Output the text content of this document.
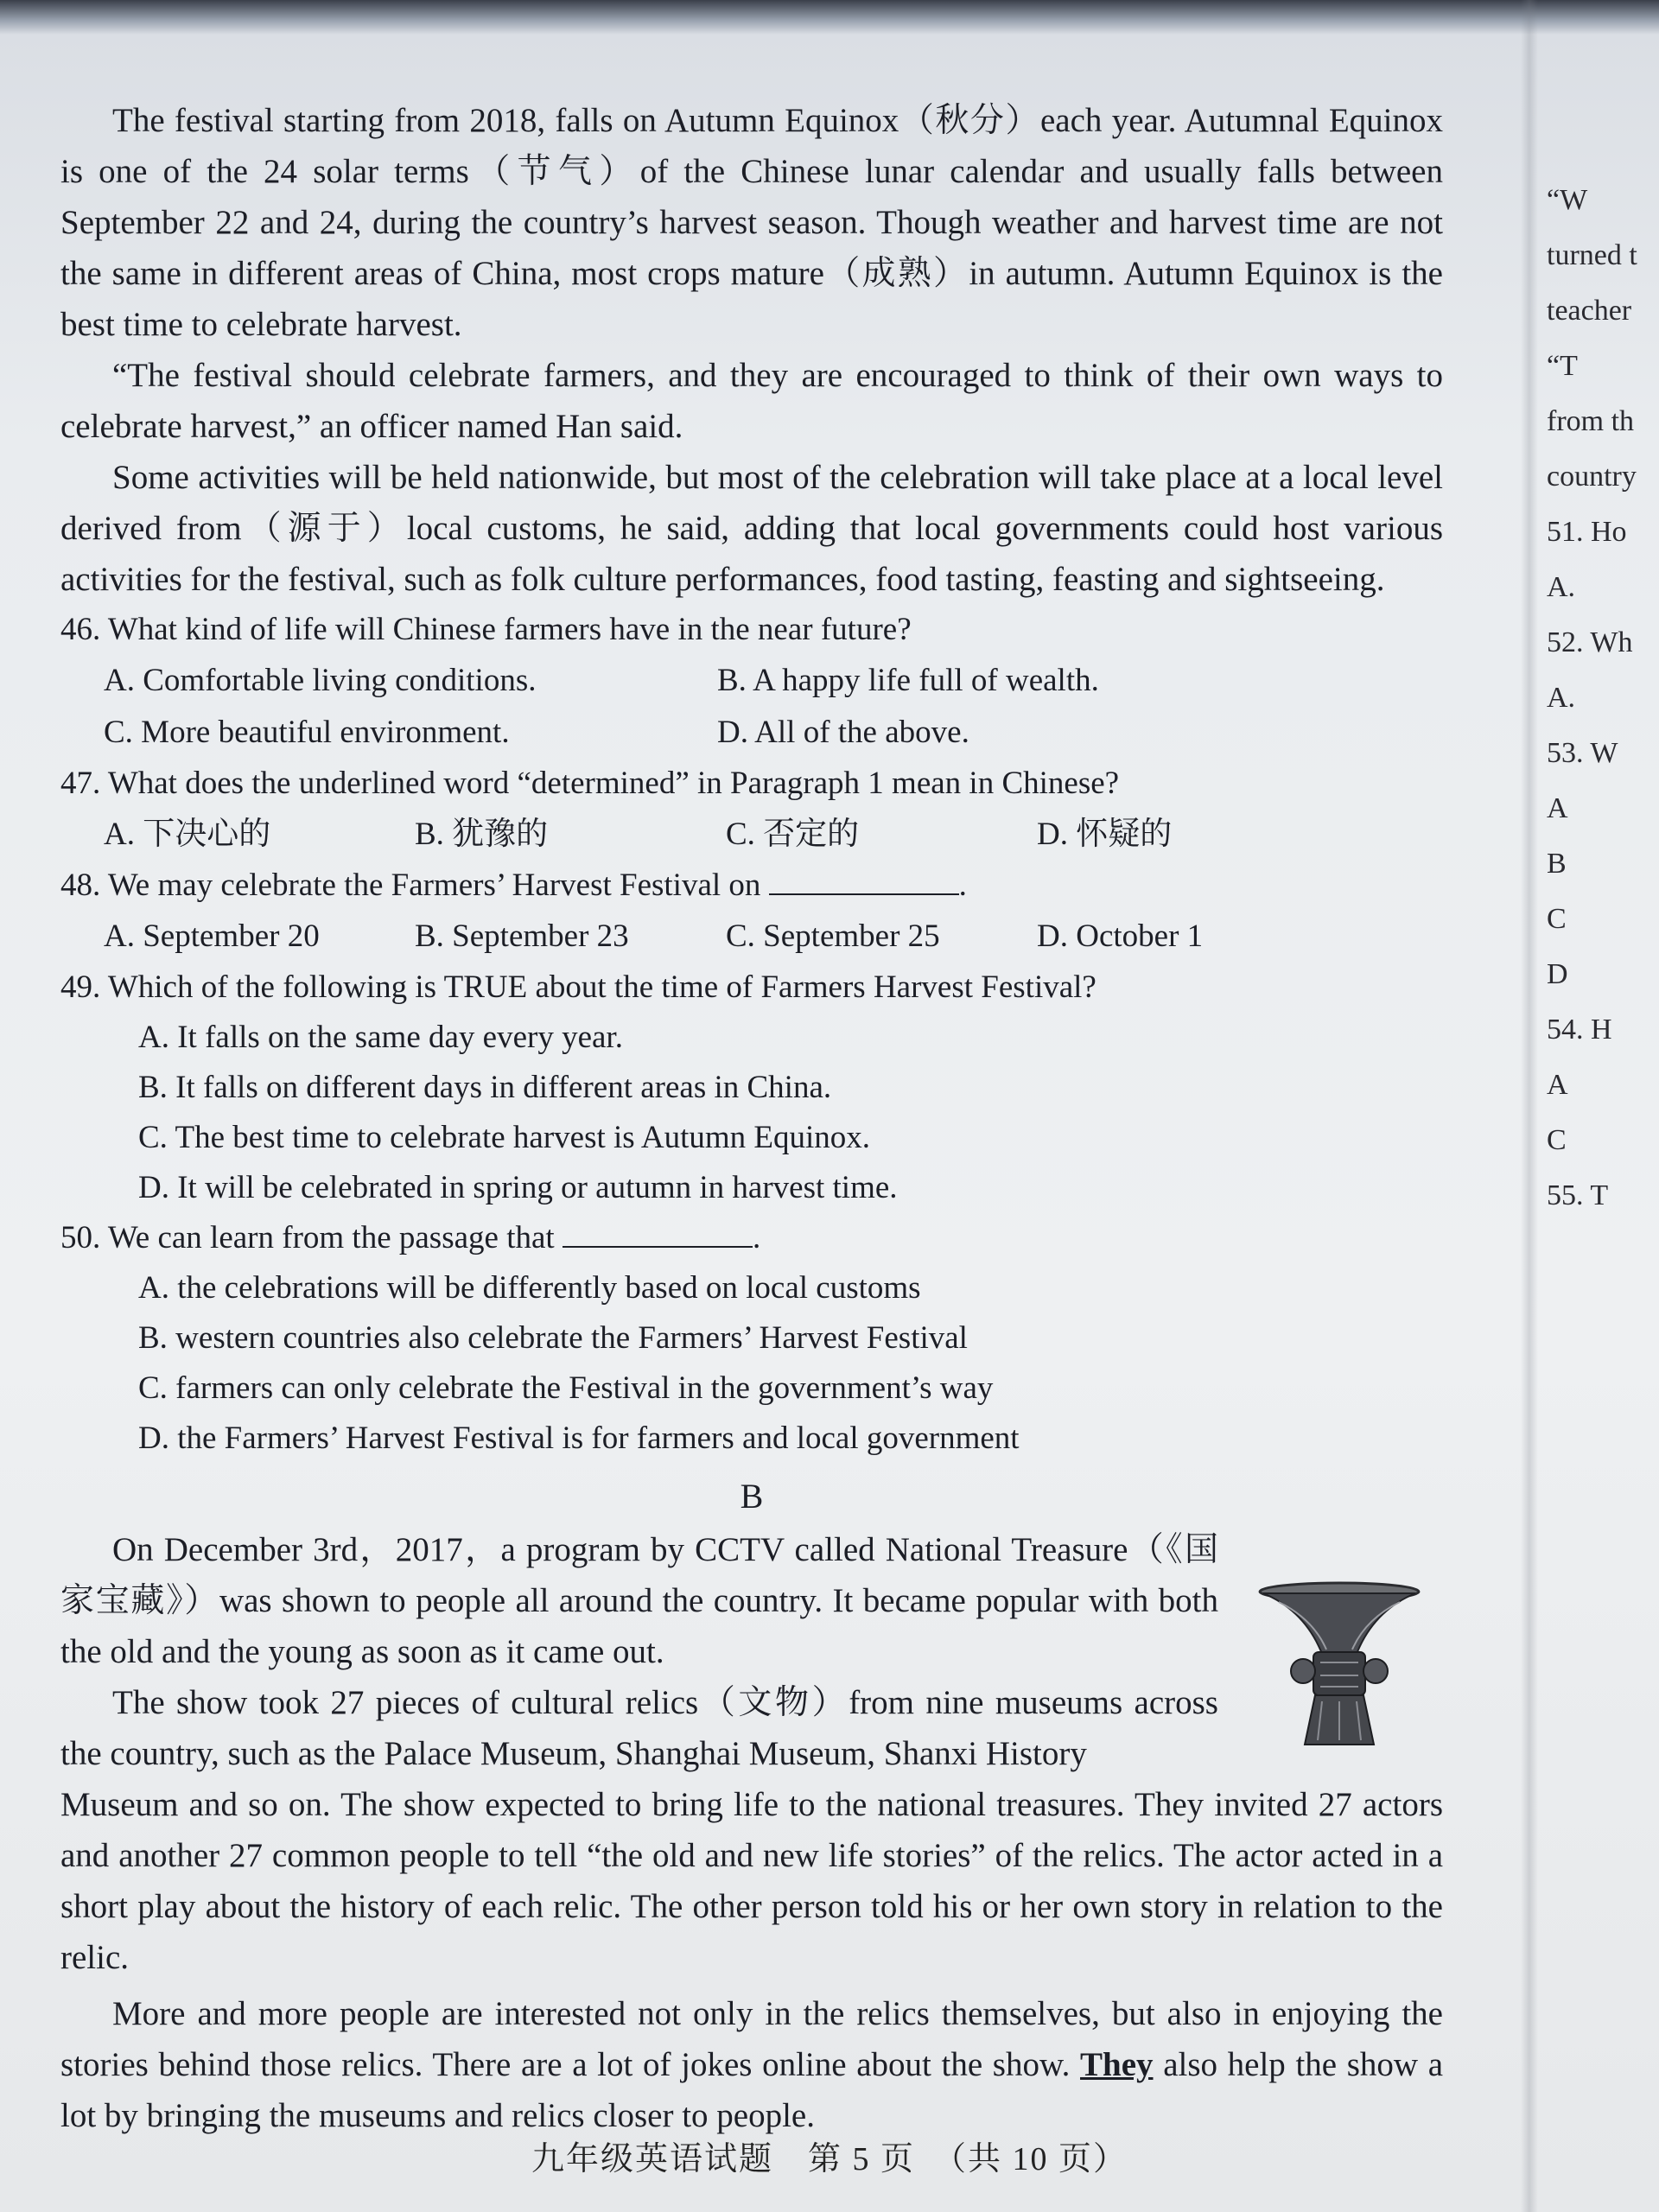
The festival starting from 2018, falls on Autumn Equinox（秋分）each year. Autumnal Equinox is one of the 24 solar terms（节气）of the Chinese lunar calendar and usually falls between September 22 and 24, during the country’s harvest season. Though weather and harvest time are not the same in different areas of China, most crops mature（成熟）in autumn. Autumn Equinox is the best time to celebrate harvest.

“The festival should celebrate farmers, and they are encouraged to think of their own ways to celebrate harvest,” an officer named Han said.

Some activities will be held nationwide, but most of the celebration will take place at a local level derived from（源于）local customs, he said, adding that local governments could host various activities for the festival, such as folk culture performances, food tasting, feasting and sightseeing.

46. What kind of life will Chinese farmers have in the near future?

A. Comfortable living conditions.	B. A happy life full of wealth.
C. More beautiful environment.	D. All of the above.

47. What does the underlined word “determined” in Paragraph 1 mean in Chinese?

A. 下决心的	B. 犹豫的	C. 否定的	D. 怀疑的

48. We may celebrate the Farmers’ Harvest Festival on	.

A. September 20	B. September 23	C. September 25	D. October 1

49. Which of the following is TRUE about the time of Farmers Harvest Festival?

A. It falls on the same day every year.
B. It falls on different days in different areas in China.
C. The best time to celebrate harvest is Autumn Equinox.
D. It will be celebrated in spring or autumn in harvest time.

50. We can learn from the passage that	.

A. the celebrations will be differently based on local customs
B. western countries also celebrate the Farmers’ Harvest Festival
C. farmers can only celebrate the Festival in the government’s way
D. the Farmers’ Harvest Festival is for farmers and local government
B

On December 3rd，2017，a program by CCTV called National Treasure（《国家宝藏》）was shown to people all around the country. It became popular with both the old and the young as soon as it came out.

The show took 27 pieces of cultural relics（文物）from nine museums across the country, such as the Palace Museum, Shanghai Museum, Shanxi History

Museum and so on. The show expected to bring life to the national treasures. They invited 27 actors and another 27 common people to tell “the old and new life stories” of the relics. The actor acted in a short play about the history of each relic. The other person told his or her own story in relation to the relic.

More and more people are interested not only in the relics themselves, but also in enjoying the stories behind those relics. There are a lot of jokes online about the show. They also help the show a lot by bringing the museums and relics closer to people.

“W
turned t
teacher
“T
from th
country
51. Ho
A.
52. Wh
A.
53. W
A
B
C
D
54. H
A
C
55. T
九年级英语试题　第 5 页　（共 10 页）
